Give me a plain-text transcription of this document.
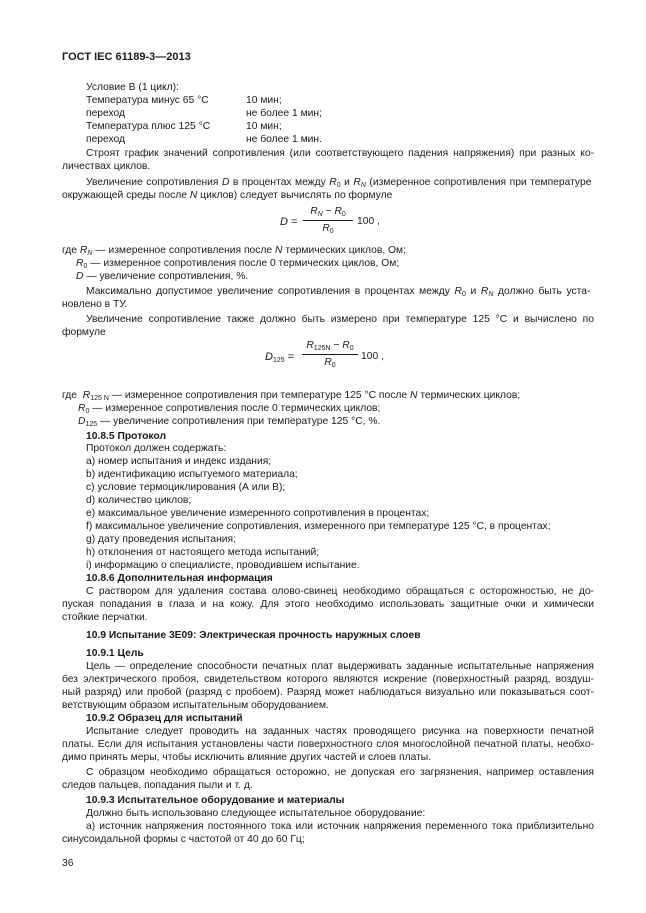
ГОСТ IEC 61189-3—2013
Условие В (1 цикл):
Температура минус 65 °С	10 мин;
переход	не более 1 мин;
Температура плюс 125 °С	10 мин;
переход	не более 1 мин.
Строят график значений сопротивления (или соответствующего падения напряжения) при разных ко-
личествах циклов.
Увеличение сопротивления D в процентах между $R_0$ и $R_N$ (измеренное сопротивления при температуре
окружающей среды после N циклов) следует вычислять по формуле
$D = \frac{R_N - R_0}{R_0} 100$ ,
где $R_N$ — измеренное сопротивления после N термических циклов, Ом;
$R_0$ — измеренное сопротивления после 0 термических циклов, Ом;
D — увеличение сопротивления, %.
Максимально допустимое увеличение сопротивления в процентах между $R_0$ и $R_N$ должно быть уста-
новлено в ТУ.
Увеличение сопротивление также должно быть измерено при температуре 125 °С и вычислено по
формуле
$D_{125} = \frac{R_{125N} - R_0}{R_0} 100$ ,
где $R_{125 N}$ — измеренное сопротивления при температуре 125 °С после N термических циклов;
$R_0$ — измеренное сопротивления после 0 термических циклов;
$D_{125}$ — увеличение сопротивления при температуре 125 °С, %.
10.8.5 Протокол
Протокол должен содержать:
a) номер испытания и индекс издания;
b) идентификацию испытуемого материала;
c) условие термоциклирования (А или В);
d) количество циклов;
e) максимальное увеличение измеренного сопротивления в процентах;
f) максимальное увеличение сопротивления, измеренного при температуре 125 °С, в процентах;
g) дату проведения испытания;
h) отклонения от настоящего метода испытаний;
i) информацию о специалисте, проводившем испытание.
10.8.6 Дополнительная информация
С раствором для удаления состава олово-свинец необходимо обращаться с осторожностью, не до-
пуская попадания в глаза и на кожу. Для этого необходимо использовать защитные очки и химически
стойкие перчатки.
10.9 Испытание 3E09: Электрическая прочность наружных слоев
10.9.1 Цель
Цель — определение способности печатных плат выдерживать заданные испытательные напряжения
без электрического пробоя, свидетельством которого являются искрение (поверхностный разряд, воздуш-
ный разряд) или пробой (разряд с пробоем). Разряд может наблюдаться визуально или показываться соот-
ветствующим образом испытательным оборудованием.
10.9.2 Образец для испытаний
Испытание следует проводить на заданных частях проводящего рисунка на поверхности печатной
платы. Если для испытания установлены части поверхностного слоя многослойной печатной платы, необхо-
димо принять меры, чтобы исключить влияние других частей и слоев платы.
С образцом необходимо обращаться осторожно, не допуская его загрязнения, например оставления
следов пальцев, попадания пыли и т. д.
10.9.3 Испытательное оборудование и материалы
Должно быть использовано следующее испытательное оборудование:
а) источник напряжения постоянного тока или источник напряжения переменного тока приблизительно
синусоидальной формы с частотой от 40 до 60 Гц;
36
